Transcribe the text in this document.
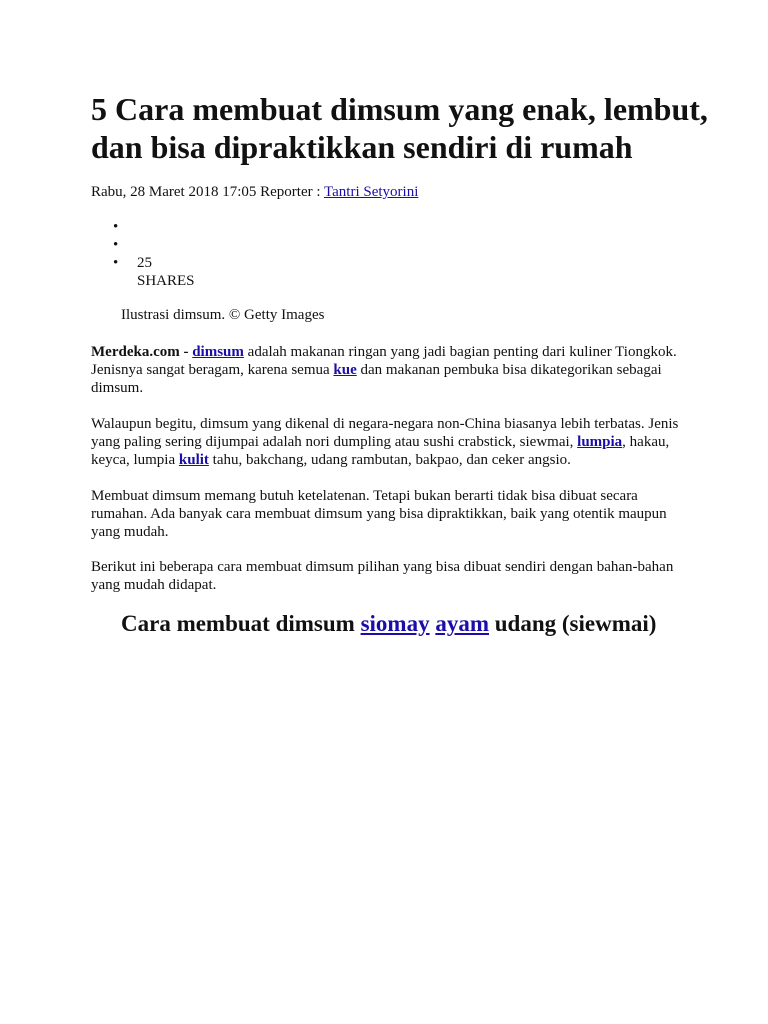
5 Cara membuat dimsum yang enak, lembut, dan bisa dipraktikkan sendiri di rumah
Rabu, 28 Maret 2018 17:05 Reporter : Tantri Setyorini
•
•
• 25
SHARES
Ilustrasi dimsum. © Getty Images

Merdeka.com - dimsum adalah makanan ringan yang jadi bagian penting dari kuliner Tiongkok. Jenisnya sangat beragam, karena semua kue dan makanan pembuka bisa dikategorikan sebagai dimsum.

Walaupun begitu, dimsum yang dikenal di negara-negara non-China biasanya lebih terbatas. Jenis yang paling sering dijumpai adalah nori dumpling atau sushi crabstick, siewmai, lumpia, hakau, keyca, lumpia kulit tahu, bakchang, udang rambutan, bakpao, dan ceker angsio.

Membuat dimsum memang butuh ketelatenan. Tetapi bukan berarti tidak bisa dibuat secara rumahan. Ada banyak cara membuat dimsum yang bisa dipraktikkan, baik yang otentik maupun yang mudah.

Berikut ini beberapa cara membuat dimsum pilihan yang bisa dibuat sendiri dengan bahan-bahan yang mudah didapat.

Cara membuat dimsum siomay ayam udang (siewmai)
